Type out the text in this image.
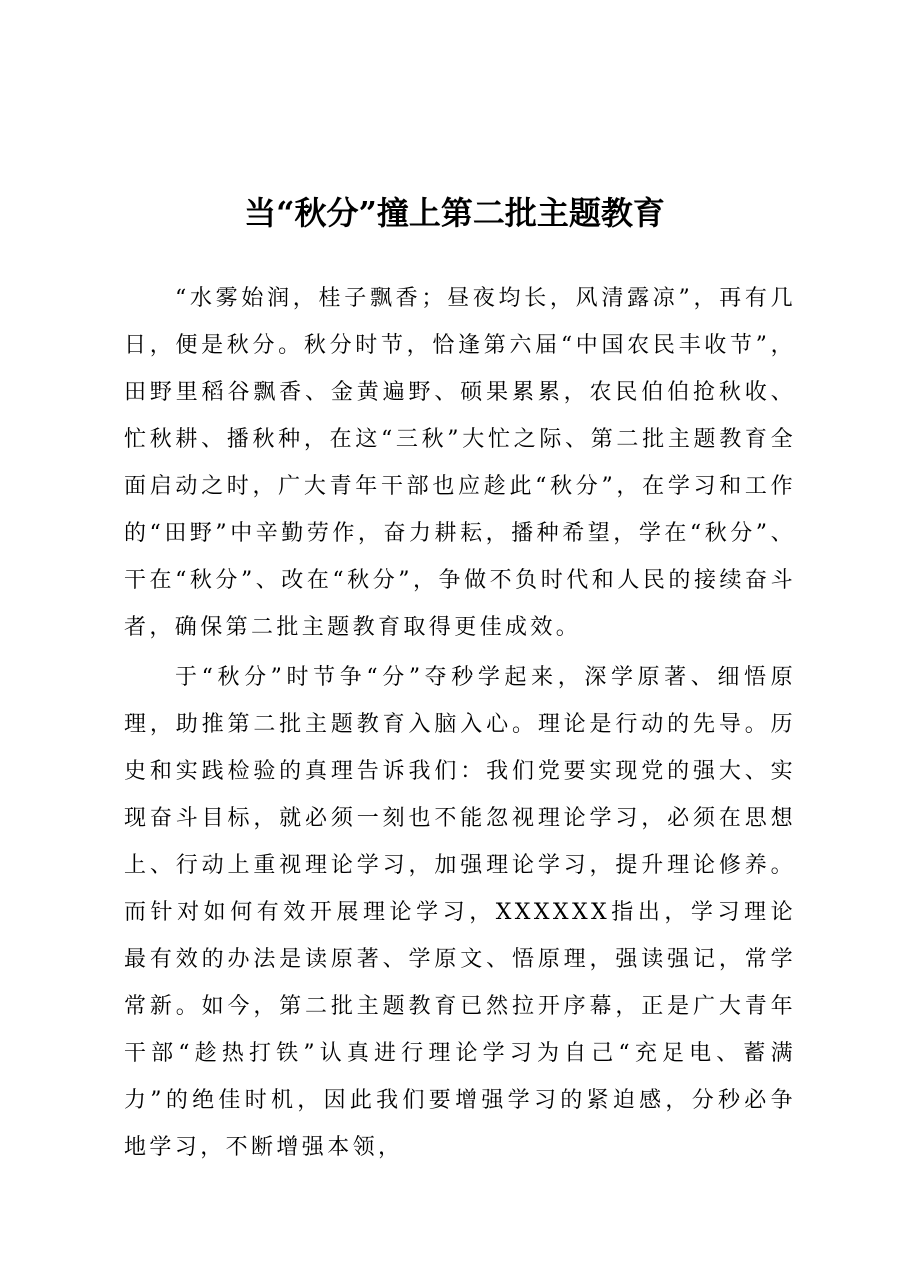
当“秋分”撞上第二批主题教育

“水雾始润，桂子飘香；昼夜均长，风清露凉”，再有几日，便是秋分。秋分时节，恰逢第六届“中国农民丰收节”，田野里稻谷飘香、金黄遍野、硕果累累，农民伯伯抢秋收、忙秋耕、播秋种，在这“三秋”大忙之际、第二批主题教育全面启动之时，广大青年干部也应趁此“秋分”，在学习和工作的“田野”中辛勤劳作，奋力耕耘，播种希望，学在“秋分”、干在“秋分”、改在“秋分”，争做不负时代和人民的接续奋斗者，确保第二批主题教育取得更佳成效。

于“秋分”时节争“分”夺秒学起来，深学原著、细悟原理，助推第二批主题教育入脑入心。理论是行动的先导。历史和实践检验的真理告诉我们：我们党要实现党的强大、实现奋斗目标，就必须一刻也不能忽视理论学习，必须在思想上、行动上重视理论学习，加强理论学习，提升理论修养。而针对如何有效开展理论学习，XXXXXX指出，学习理论最有效的办法是读原著、学原文、悟原理，强读强记，常学常新。如今，第二批主题教育已然拉开序幕，正是广大青年干部“趁热打铁”认真进行理论学习为自己“充足电、蓄满力”的绝佳时机，因此我们要增强学习的紧迫感，分秒必争地学习，不断增强本领，
